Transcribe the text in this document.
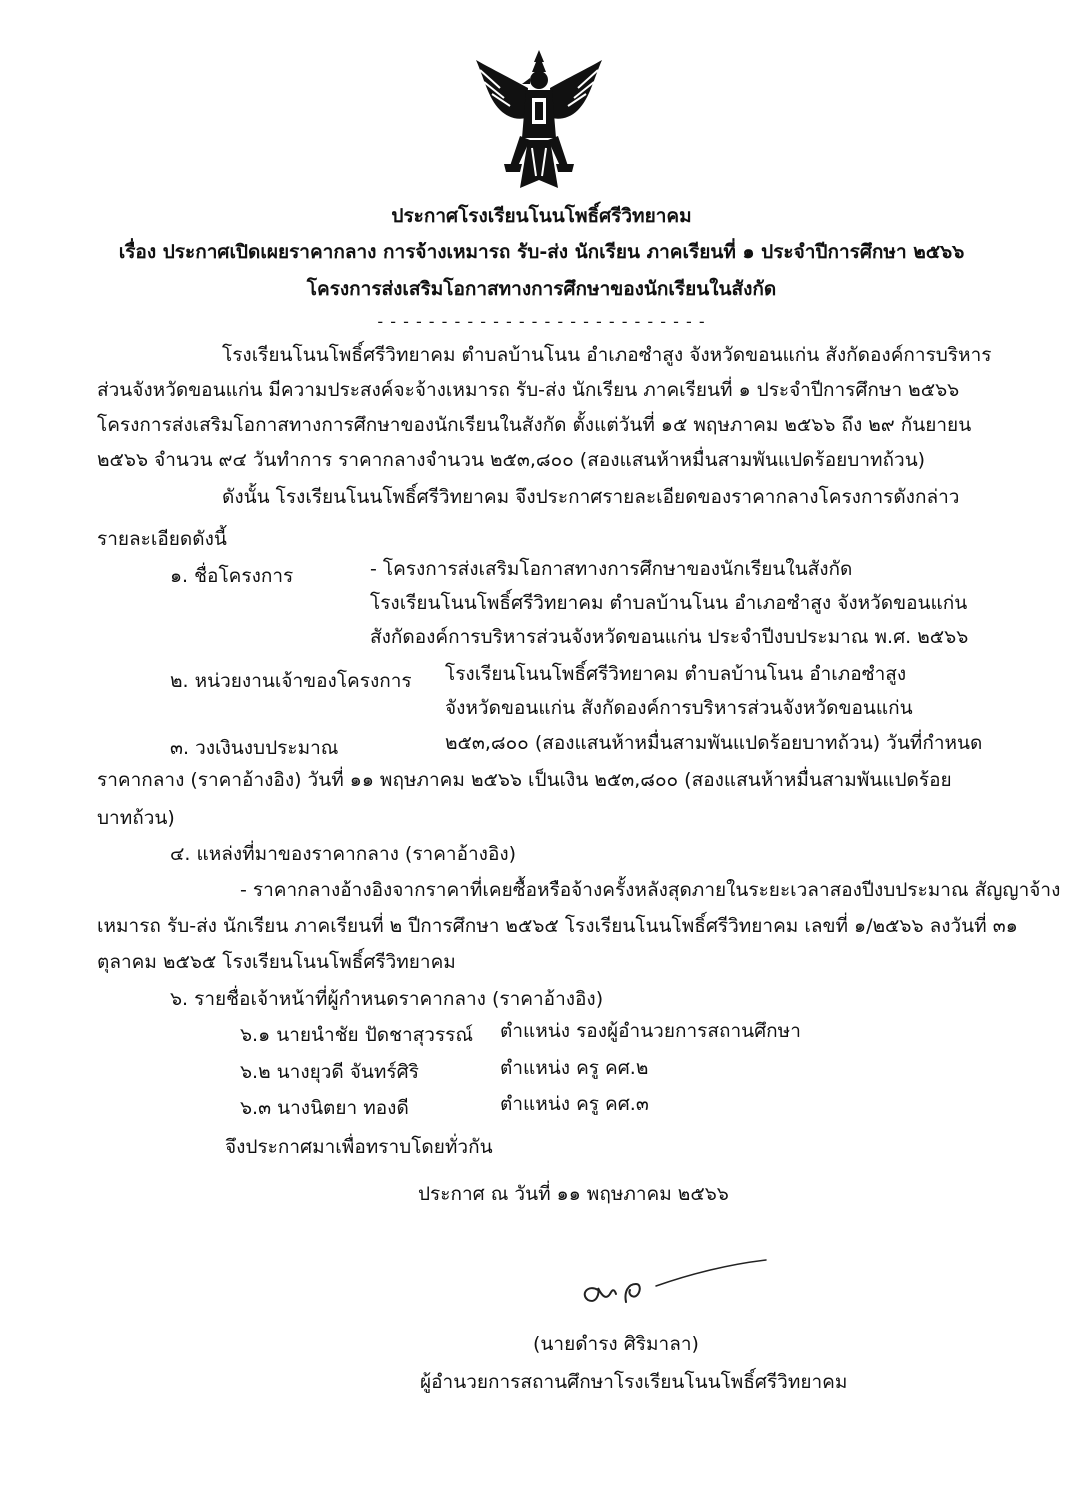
ประกาศโรงเรียนโนนโพธิ์ศรีวิทยาคม
เรื่อง ประกาศเปิดเผยราคากลาง การจ้างเหมารถ รับ-ส่ง นักเรียน ภาคเรียนที่ ๑ ประจำปีการศึกษา ๒๕๖๖
โครงการส่งเสริมโอกาสทางการศึกษาของนักเรียนในสังกัด
- - - - - - - - - - - - - - - - - - - - - - - - - -
โรงเรียนโนนโพธิ์ศรีวิทยาคม ตำบลบ้านโนน อำเภอซำสูง จังหวัดขอนแก่น สังกัดองค์การบริหาร
ส่วนจังหวัดขอนแก่น มีความประสงค์จะจ้างเหมารถ รับ-ส่ง นักเรียน ภาคเรียนที่ ๑ ประจำปีการศึกษา ๒๕๖๖
โครงการส่งเสริมโอกาสทางการศึกษาของนักเรียนในสังกัด ตั้งแต่วันที่ ๑๕ พฤษภาคม ๒๕๖๖ ถึง ๒๙ กันยายน
๒๕๖๖ จำนวน ๙๔ วันทำการ ราคากลางจำนวน ๒๕๓,๘๐๐ (สองแสนห้าหมื่นสามพันแปดร้อยบาทถ้วน)
ดังนั้น โรงเรียนโนนโพธิ์ศรีวิทยาคม จึงประกาศรายละเอียดของราคากลางโครงการดังกล่าว
รายละเอียดดังนี้
๑. ชื่อโครงการ	- โครงการส่งเสริมโอกาสทางการศึกษาของนักเรียนในสังกัด
โรงเรียนโนนโพธิ์ศรีวิทยาคม ตำบลบ้านโนน อำเภอซำสูง จังหวัดขอนแก่น
สังกัดองค์การบริหารส่วนจังหวัดขอนแก่น ประจำปีงบประมาณ พ.ศ. ๒๕๖๖
๒. หน่วยงานเจ้าของโครงการ โรงเรียนโนนโพธิ์ศรีวิทยาคม ตำบลบ้านโนน อำเภอซำสูง
จังหวัดขอนแก่น สังกัดองค์การบริหารส่วนจังหวัดขอนแก่น
๓. วงเงินงบประมาณ	๒๕๓,๘๐๐ (สองแสนห้าหมื่นสามพันแปดร้อยบาทถ้วน) วันที่กำหนด
ราคากลาง (ราคาอ้างอิง) วันที่ ๑๑ พฤษภาคม ๒๕๖๖ เป็นเงิน ๒๕๓,๘๐๐ (สองแสนห้าหมื่นสามพันแปดร้อย
บาทถ้วน)
๔. แหล่งที่มาของราคากลาง (ราคาอ้างอิง)
- ราคากลางอ้างอิงจากราคาที่เคยซื้อหรือจ้างครั้งหลังสุดภายในระยะเวลาสองปีงบประมาณ สัญญาจ้าง
เหมารถ รับ-ส่ง นักเรียน ภาคเรียนที่ ๒ ปีการศึกษา ๒๕๖๕ โรงเรียนโนนโพธิ์ศรีวิทยาคม เลขที่ ๑/๒๕๖๖ ลงวันที่ ๓๑
ตุลาคม ๒๕๖๕ โรงเรียนโนนโพธิ์ศรีวิทยาคม
๖. รายชื่อเจ้าหน้าที่ผู้กำหนดราคากลาง (ราคาอ้างอิง)
๖.๑ นายนำชัย ปัดชาสุวรรณ์ ตำแหน่ง รองผู้อำนวยการสถานศึกษา
๖.๒ นางยุวดี จันทร์ศิริ	ตำแหน่ง ครู คศ.๒
๖.๓ นางนิตยา ทองดี	ตำแหน่ง ครู คศ.๓
จึงประกาศมาเพื่อทราบโดยทั่วกัน
ประกาศ ณ วันที่ ๑๑ พฤษภาคม ๒๕๖๖
(นายดำรง ศิริมาลา)
ผู้อำนวยการสถานศึกษาโรงเรียนโนนโพธิ์ศรีวิทยาคม
